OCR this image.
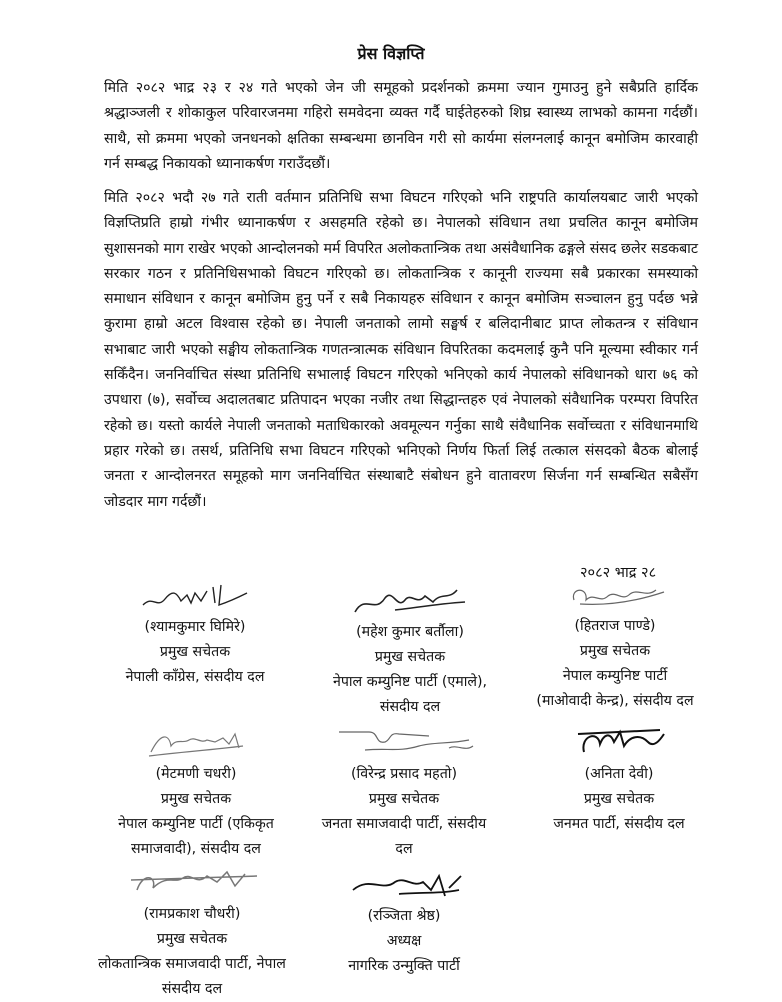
प्रेस विज्ञप्ति

मिति २०८२ भाद्र २३ र २४ गते भएको जेन जी समूहको प्रदर्शनको क्रममा ज्यान गुमाउनु हुने सबैप्रति हार्दिक श्रद्धाञ्जली र शोकाकुल परिवारजनमा गहिरो समवेदना व्यक्त गर्दै घाईतेहरुको शिघ्र स्वास्थ्य लाभको कामना गर्दछौं। साथै, सो क्रममा भएको जनधनको क्षतिका सम्बन्धमा छानविन गरी सो कार्यमा संलग्नलाई कानून बमोजिम कारवाही गर्न सम्बद्ध निकायको ध्यानाकर्षण गराउँदछौं।

मिति २०८२ भदौ २७ गते राती वर्तमान प्रतिनिधि सभा विघटन गरिएको भनि राष्ट्रपति कार्यालयबाट जारी भएको विज्ञप्तिप्रति हाम्रो गंभीर ध्यानाकर्षण र असहमति रहेको छ। नेपालको संविधान तथा प्रचलित कानून बमोजिम सुशासनको माग राखेर भएको आन्दोलनको मर्म विपरित अलोकतान्त्रिक तथा असंवैधानिक ढङ्गले संसद छलेर सडकबाट सरकार गठन र प्रतिनिधिसभाको विघटन गरिएको छ। लोकतान्त्रिक र कानूनी राज्यमा सबै प्रकारका समस्याको समाधान संविधान र कानून बमोजिम हुनु पर्ने र सबै निकायहरु संविधान र कानून बमोजिम सञ्चालन हुनु पर्दछ भन्ने कुरामा हाम्रो अटल विश्वास रहेको छ। नेपाली जनताको लामो सङ्घर्ष र बलिदानीबाट प्राप्त लोकतन्त्र र संविधान सभाबाट जारी भएको सङ्घीय लोकतान्त्रिक गणतन्त्रात्मक संविधान विपरितका कदमलाई कुनै पनि मूल्यमा स्वीकार गर्न सकिँदैन। जननिर्वाचित संस्था प्रतिनिधि सभालाई विघटन गरिएको भनिएको कार्य नेपालको संविधानको धारा ७६ को उपधारा (७), सर्वोच्च अदालतबाट प्रतिपादन भएका नजीर तथा सिद्धान्तहरु एवं नेपालको संवैधानिक परम्परा विपरित रहेको छ। यस्तो कार्यले नेपाली जनताको मताधिकारको अवमूल्यन गर्नुका साथै संवैधानिक सर्वोच्चता र संविधानमाथि प्रहार गरेको छ। तसर्थ, प्रतिनिधि सभा विघटन गरिएको भनिएको निर्णय फिर्ता लिई तत्काल संसदको बैठक बोलाई जनता र आन्दोलनरत समूहको माग जननिर्वाचित संस्थाबाटै संबोधन हुने वातावरण सिर्जना गर्न सम्बन्धित सबैसँग जोडदार माग गर्दछौं।

२०८२ भाद्र २८
(श्यामकुमार घिमिरे)
प्रमुख सचेतक
नेपाली काँग्रेस, संसदीय दल
(महेश कुमार बर्तौला)
प्रमुख सचेतक
नेपाल कम्युनिष्ट पार्टी (एमाले),
संसदीय दल
(हितराज पाण्डे)
प्रमुख सचेतक
नेपाल कम्युनिष्ट पार्टी
(माओवादी केन्द्र), संसदीय दल
(मेटमणी चधरी)
प्रमुख सचेतक
नेपाल कम्युनिष्ट पार्टी (एकिकृत
समाजवादी), संसदीय दल
(विरेन्द्र प्रसाद महतो)
प्रमुख सचेतक
जनता समाजवादी पार्टी, संसदीय
दल
(अनिता देवी)
प्रमुख सचेतक
जनमत पार्टी, संसदीय दल
(रामप्रकाश चौधरी)
प्रमुख सचेतक
लोकतान्त्रिक समाजवादी पार्टी, नेपाल
संसदीय दल
(रञ्जिता श्रेष्ठ)
अध्यक्ष
नागरिक उन्मुक्ति पार्टी
